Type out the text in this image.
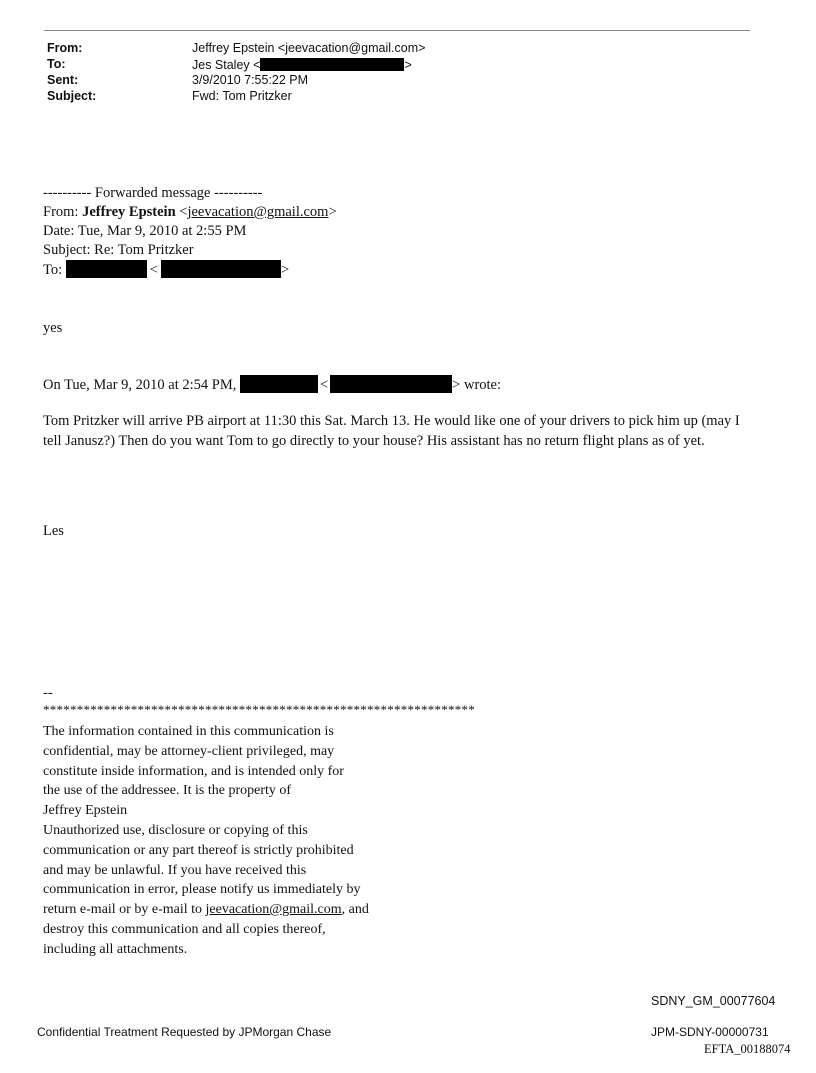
From:	Jeffrey Epstein <jeevacation@gmail.com>
To:	Jes Staley <	>
Sent:	3/9/2010 7:55:22 PM
Subject:	Fwd: Tom Pritzker
---------- Forwarded message ----------
From: Jeffrey Epstein <jeevacation@gmail.com>
Date: Tue, Mar 9, 2010 at 2:55 PM
Subject: Re: Tom Pritzker
To:	<	>
yes
On Tue, Mar 9, 2010 at 2:54 PM,	<	> wrote:
Tom Pritzker will arrive PB airport at 11:30 this Sat. March 13. He would like one of your drivers to pick him up (may I tell Janusz?) Then do you want Tom to go directly to your house? His assistant has no return flight plans as of yet.
Les
--
****************************************************************
The information contained in this communication is
confidential, may be attorney-client privileged, may
constitute inside information, and is intended only for
the use of the addressee. It is the property of
Jeffrey Epstein
Unauthorized use, disclosure or copying of this
communication or any part thereof is strictly prohibited
and may be unlawful. If you have received this
communication in error, please notify us immediately by
return e-mail or by e-mail to jeevacation@gmail.com, and
destroy this communication and all copies thereof,
including all attachments.
SDNY_GM_00077604
Confidential Treatment Requested by JPMorgan Chase	JPM-SDNY-00000731
EFTA_00188074
